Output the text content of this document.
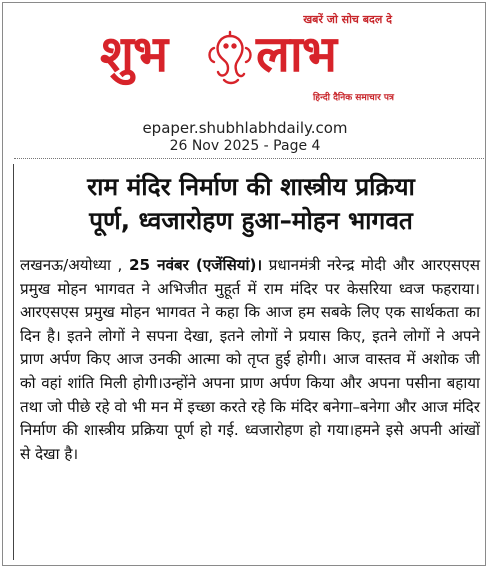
खबरें जो सोच बदल दे
शुभ लाभ
हिन्दी दैनिक समाचार पत्र
epaper.shubhlabhdaily.com
26 Nov 2025 - Page 4
राम मंदिर निर्माण की शास्त्रीय प्रक्रिया
पूर्ण, ध्वजारोहण हुआ–मोहन भागवत
लखनऊ/अयोध्या , 25 नवंबर (एजेंसियां)। प्रधानमंत्री नरेन्द्र मोदी और आरएसएस प्रमुख मोहन भागवत ने अभिजीत मुहूर्त में राम मंदिर पर केसरिया ध्वज फहराया। आरएसएस प्रमुख मोहन भागवत ने कहा कि आज हम सबके लिए एक सार्थकता का दिन है। इतने लोगों ने सपना देखा, इतने लोगों ने प्रयास किए, इतने लोगों ने अपने प्राण अर्पण किए आज उनकी आत्मा को तृप्त हुई होगी। आज वास्तव में अशोक जी को वहां शांति मिली होगी।उन्होंने अपना प्राण अर्पण किया और अपना पसीना बहाया तथा जो पीछे रहे वो भी मन में इच्छा करते रहे कि मंदिर बनेगा–बनेगा और आज मंदिर निर्माण की शास्त्रीय प्रक्रिया पूर्ण हो गई. ध्वजारोहण हो गया।हमने इसे अपनी आंखों से देखा है।
